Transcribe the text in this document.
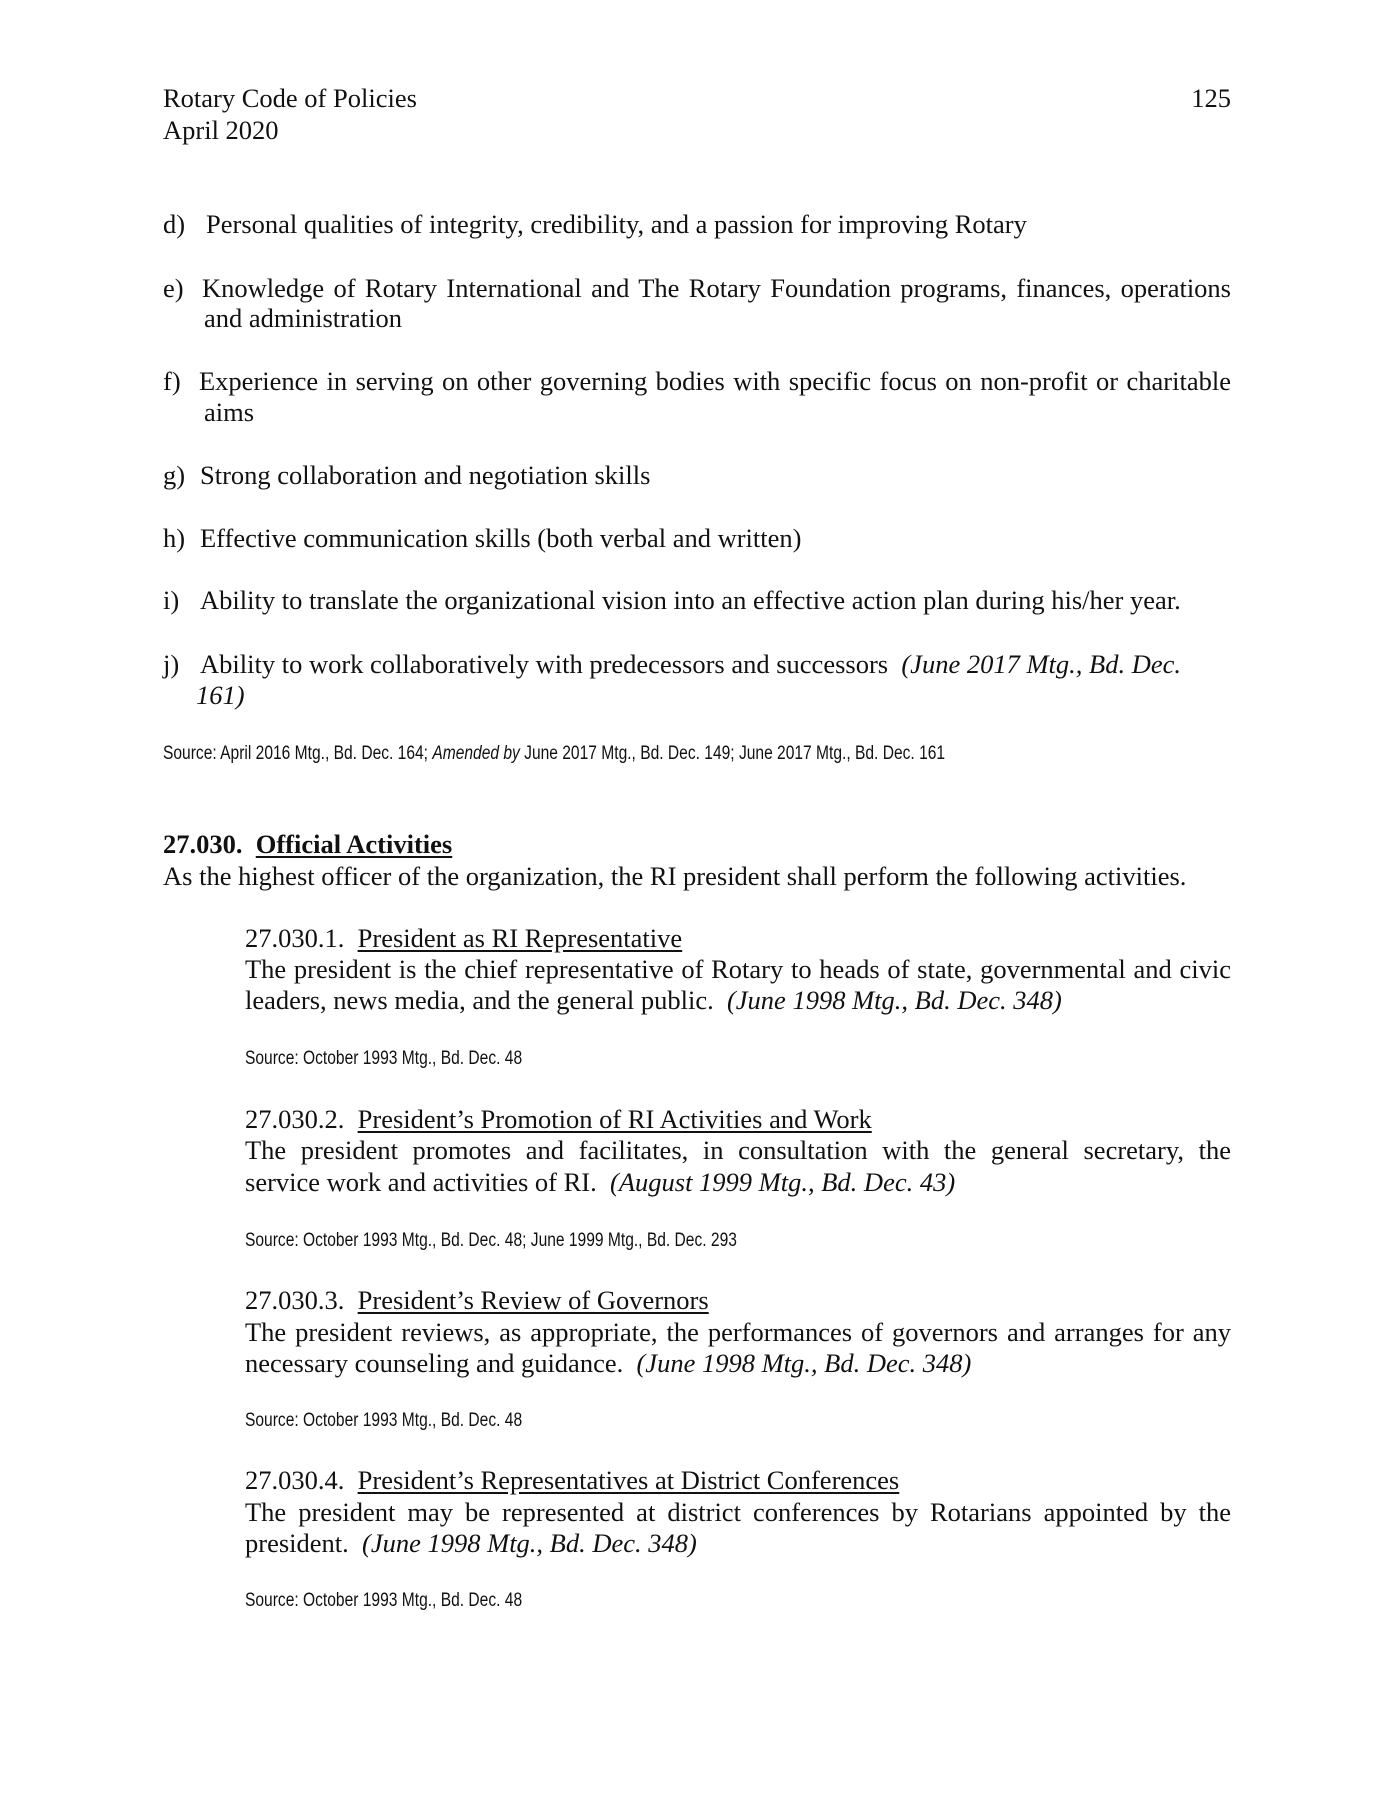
Rotary Code of Policies
April 2020
125
d) Personal qualities of integrity, credibility, and a passion for improving Rotary
e) Knowledge of Rotary International and The Rotary Foundation programs, finances, operations
and administration
f) Experience in serving on other governing bodies with specific focus on non-profit or charitable
aims
g) Strong collaboration and negotiation skills
h) Effective communication skills (both verbal and written)
i) Ability to translate the organizational vision into an effective action plan during his/her year.
j) Ability to work collaboratively with predecessors and successors (June 2017 Mtg., Bd. Dec.
161)
Source: April 2016 Mtg., Bd. Dec. 164; Amended by June 2017 Mtg., Bd. Dec. 149; June 2017 Mtg., Bd. Dec. 161
27.030. Official Activities
As the highest officer of the organization, the RI president shall perform the following activities.
27.030.1. President as RI Representative
The president is the chief representative of Rotary to heads of state, governmental and civic
leaders, news media, and the general public. (June 1998 Mtg., Bd. Dec. 348)
Source: October 1993 Mtg., Bd. Dec. 48
27.030.2. President’s Promotion of RI Activities and Work
The president promotes and facilitates, in consultation with the general secretary, the
service work and activities of RI. (August 1999 Mtg., Bd. Dec. 43)
Source: October 1993 Mtg., Bd. Dec. 48; June 1999 Mtg., Bd. Dec. 293
27.030.3. President’s Review of Governors
The president reviews, as appropriate, the performances of governors and arranges for any
necessary counseling and guidance. (June 1998 Mtg., Bd. Dec. 348)
Source: October 1993 Mtg., Bd. Dec. 48
27.030.4. President’s Representatives at District Conferences
The president may be represented at district conferences by Rotarians appointed by the
president. (June 1998 Mtg., Bd. Dec. 348)
Source: October 1993 Mtg., Bd. Dec. 48
